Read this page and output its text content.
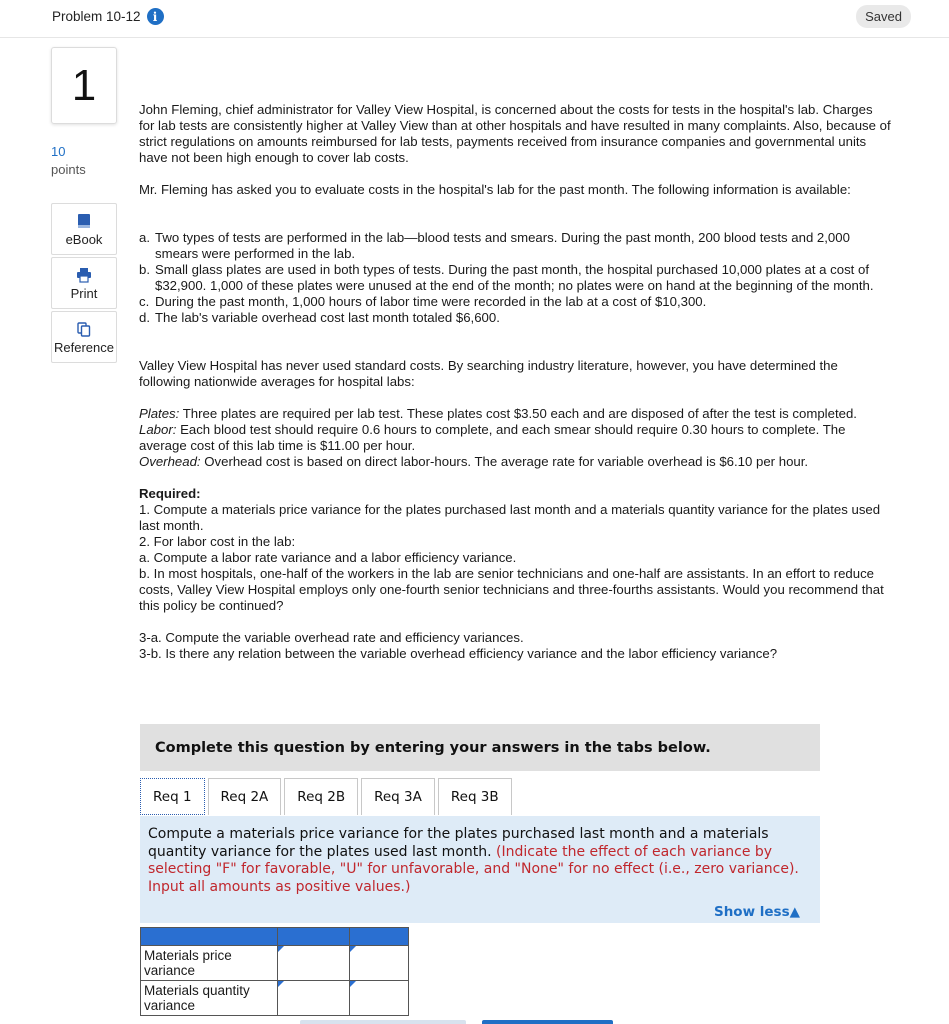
Problem 10-12	i	Saved
1
10
points
eBook
Print
Reference

John Fleming, chief administrator for Valley View Hospital, is concerned about the costs for tests in the hospital's lab. Charges for lab tests are consistently higher at Valley View than at other hospitals and have resulted in many complaints. Also, because of strict regulations on amounts reimbursed for lab tests, payments received from insurance companies and governmental units have not been high enough to cover lab costs.

Mr. Fleming has asked you to evaluate costs in the hospital's lab for the past month. The following information is available:

a. Two types of tests are performed in the lab—blood tests and smears. During the past month, 200 blood tests and 2,000 smears were performed in the lab.
b. Small glass plates are used in both types of tests. During the past month, the hospital purchased 10,000 plates at a cost of $32,900. 1,000 of these plates were unused at the end of the month; no plates were on hand at the beginning of the month.
c. During the past month, 1,000 hours of labor time were recorded in the lab at a cost of $10,300.
d. The lab's variable overhead cost last month totaled $6,600.

Valley View Hospital has never used standard costs. By searching industry literature, however, you have determined the following nationwide averages for hospital labs:

Plates: Three plates are required per lab test. These plates cost $3.50 each and are disposed of after the test is completed.

Labor: Each blood test should require 0.6 hours to complete, and each smear should require 0.30 hours to complete. The average cost of this lab time is $11.00 per hour.

Overhead: Overhead cost is based on direct labor-hours. The average rate for variable overhead is $6.10 per hour.

Required:

1. Compute a materials price variance for the plates purchased last month and a materials quantity variance for the plates used last month.

2. For labor cost in the lab:

a. Compute a labor rate variance and a labor efficiency variance.

b. In most hospitals, one-half of the workers in the lab are senior technicians and one-half are assistants. In an effort to reduce costs, Valley View Hospital employs only one-fourth senior technicians and three-fourths assistants. Would you recommend that this policy be continued?

3-a. Compute the variable overhead rate and efficiency variances.

3-b. Is there any relation between the variable overhead efficiency variance and the labor efficiency variance?

Complete this question by entering your answers in the tabs below.
Req 1	Req 2A	Req 2B	Req 3A	Req 3B
Compute a materials price variance for the plates purchased last month and a materials quantity variance for the plates used last month. (Indicate the effect of each variance by selecting "F" for favorable, "U" for unfavorable, and "None" for no effect (i.e., zero variance). Input all amounts as positive values.)
Show less▲

Materials price variance	

Materials quantity variance	
